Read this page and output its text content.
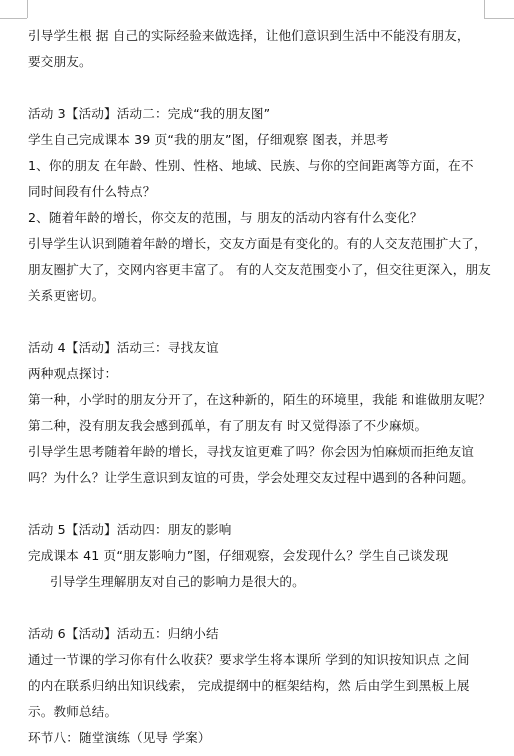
引导学生根 据 自己的实际经验来做选择，让他们意识到生活中不能没有朋友，
要交朋友。
活动 3【活动】活动二：完成“我的朋友图”
学生自己完成课本 39 页“我的朋友”图，仔细观察 图表，并思考
1、你的朋友 在年龄、性别、性格、地域、民族、与你的空间距离等方面，在不
同时间段有什么特点？
2、随着年龄的增长，你交友的范围，与 朋友的活动内容有什么变化？
引导学生认识到随着年龄的增长，交友方面是有变化的。有的人交友范围扩大了，
朋友圈扩大了，交网内容更丰富了。 有的人交友范围变小了，但交往更深入，朋友
关系更密切。
活动 4【活动】活动三：寻找友谊
两种观点探讨：
第一种，小学时的朋友分开了，在这种新的，陌生的环境里，我能 和谁做朋友呢？
第二种，没有朋友我会感到孤单，有了朋友有 时又觉得添了不少麻烦。
引导学生思考随着年龄的增长，寻找友谊更难了吗？你会因为怕麻烦而拒绝友谊
吗？为什么？让学生意识到友谊的可贵，学会处理交友过程中遇到的各种问题。
活动 5【活动】活动四：朋友的影响
完成课本 41 页“朋友影响力”图，仔细观察，会发现什么？学生自己谈发现
引导学生理解朋友对自己的影响力是很大的。
活动 6【活动】活动五：归纳小结
通过一节课的学习你有什么收获？要求学生将本课所 学到的知识按知识点 之间
的内在联系归纳出知识线索， 完成提纲中的框架结构，然 后由学生到黑板上展
示。教师总结。
环节八：随堂演练（见导 学案）
